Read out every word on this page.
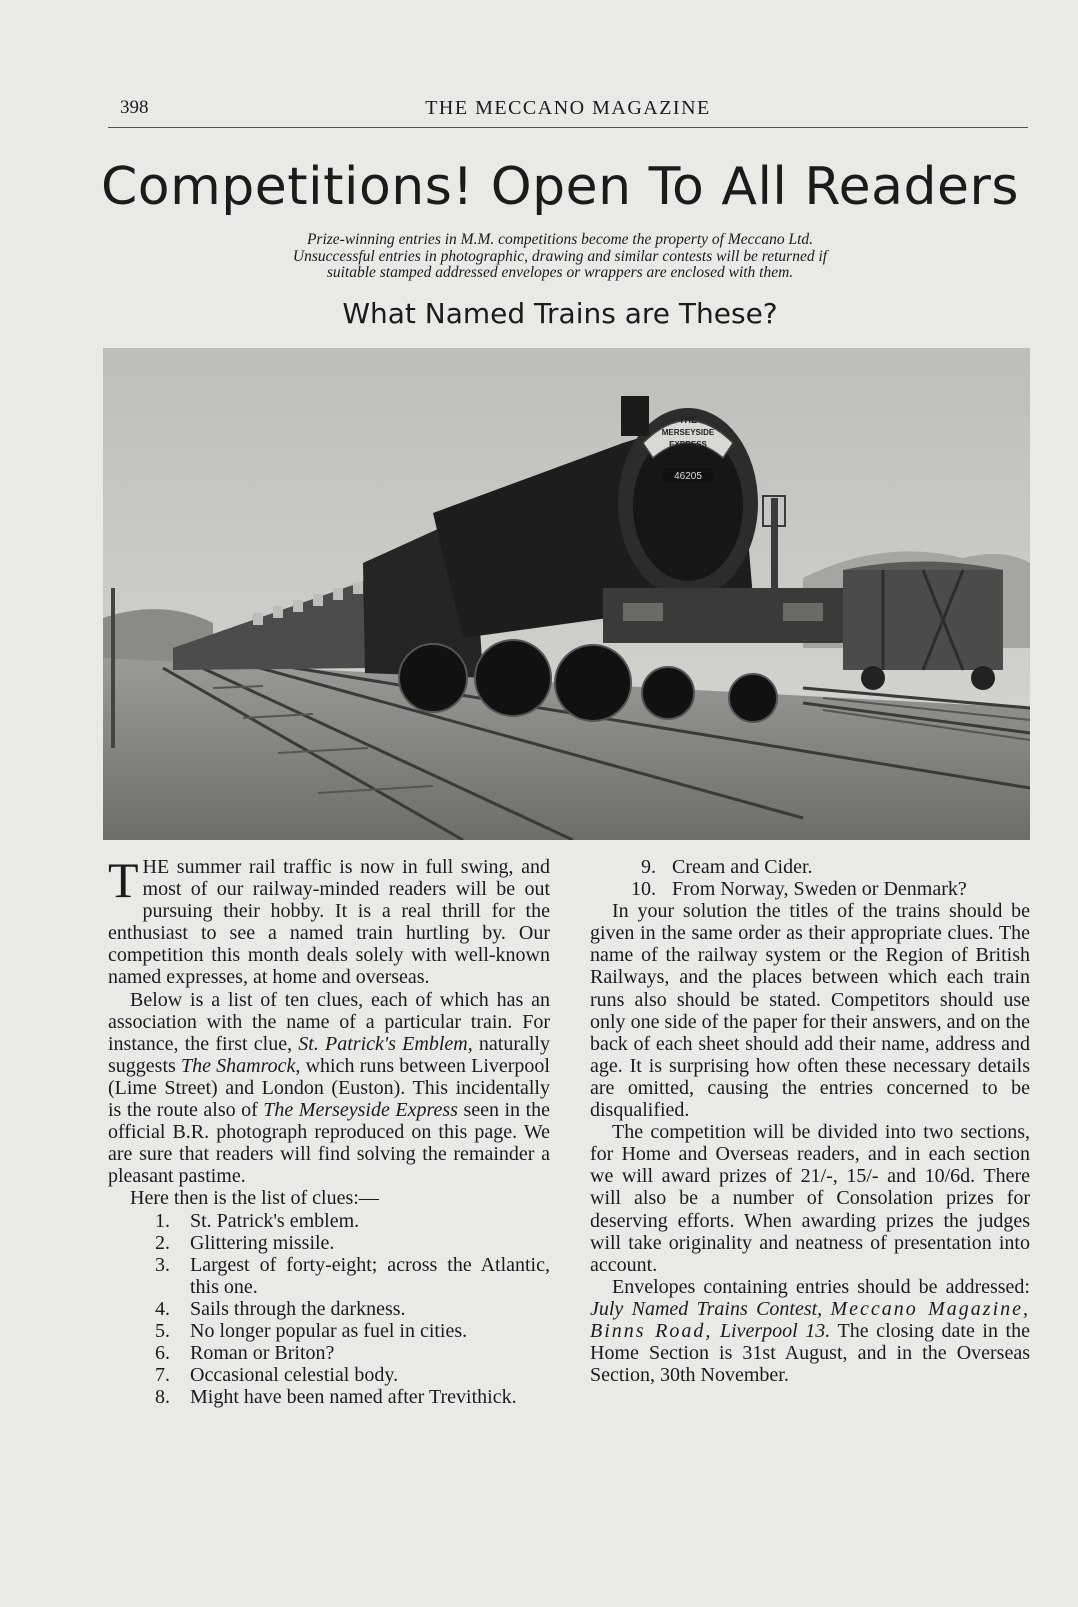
398	THE MECCANO MAGAZINE
Competitions! Open To All Readers
Prize-winning entries in M.M. competitions become the property of Meccano Ltd.
Unsuccessful entries in photographic, drawing and similar contests will be returned if
suitable stamped addressed envelopes or wrappers are enclosed with them.
What Named Trains are These?
THE
MERSEYSIDE
EXPRESS
46205

THE summer rail traffic is now in full swing, and most of our railway-minded readers will be out pursuing their hobby. It is a real thrill for the enthusiast to see a named train hurtling by. Our competition this month deals solely with well-known named expresses, at home and overseas.

Below is a list of ten clues, each of which has an association with the name of a particular train. For instance, the first clue, St. Patrick's Emblem, naturally suggests The Shamrock, which runs between Liverpool (Lime Street) and London (Euston). This incidentally is the route also of The Merseyside Express seen in the official B.R. photograph reproduced on this page. We are sure that readers will find solving the remainder a pleasant pastime.

Here then is the list of clues:—

1. St. Patrick's emblem.
2. Glittering missile.
3. Largest of forty-eight; across the Atlantic, this one.
4. Sails through the darkness.
5. No longer popular as fuel in cities.
6. Roman or Briton?
7. Occasional celestial body.
8. Might have been named after Trevithick.
9. Cream and Cider.
10. From Norway, Sweden or Denmark?

In your solution the titles of the trains should be given in the same order as their appropriate clues. The name of the railway system or the Region of British Railways, and the places between which each train runs also should be stated. Competitors should use only one side of the paper for their answers, and on the back of each sheet should add their name, address and age. It is surprising how often these necessary details are omitted, causing the entries concerned to be disqualified.

The competition will be divided into two sections, for Home and Overseas readers, and in each section we will award prizes of 21/-, 15/- and 10/6d. There will also be a number of Consolation prizes for deserving efforts. When awarding prizes the judges will take originality and neatness of presentation into account.

Envelopes containing entries should be addressed: July Named Trains Contest, Meccano Magazine, Binns Road, Liverpool 13. The closing date in the Home Section is 31st August, and in the Overseas Section, 30th November.
